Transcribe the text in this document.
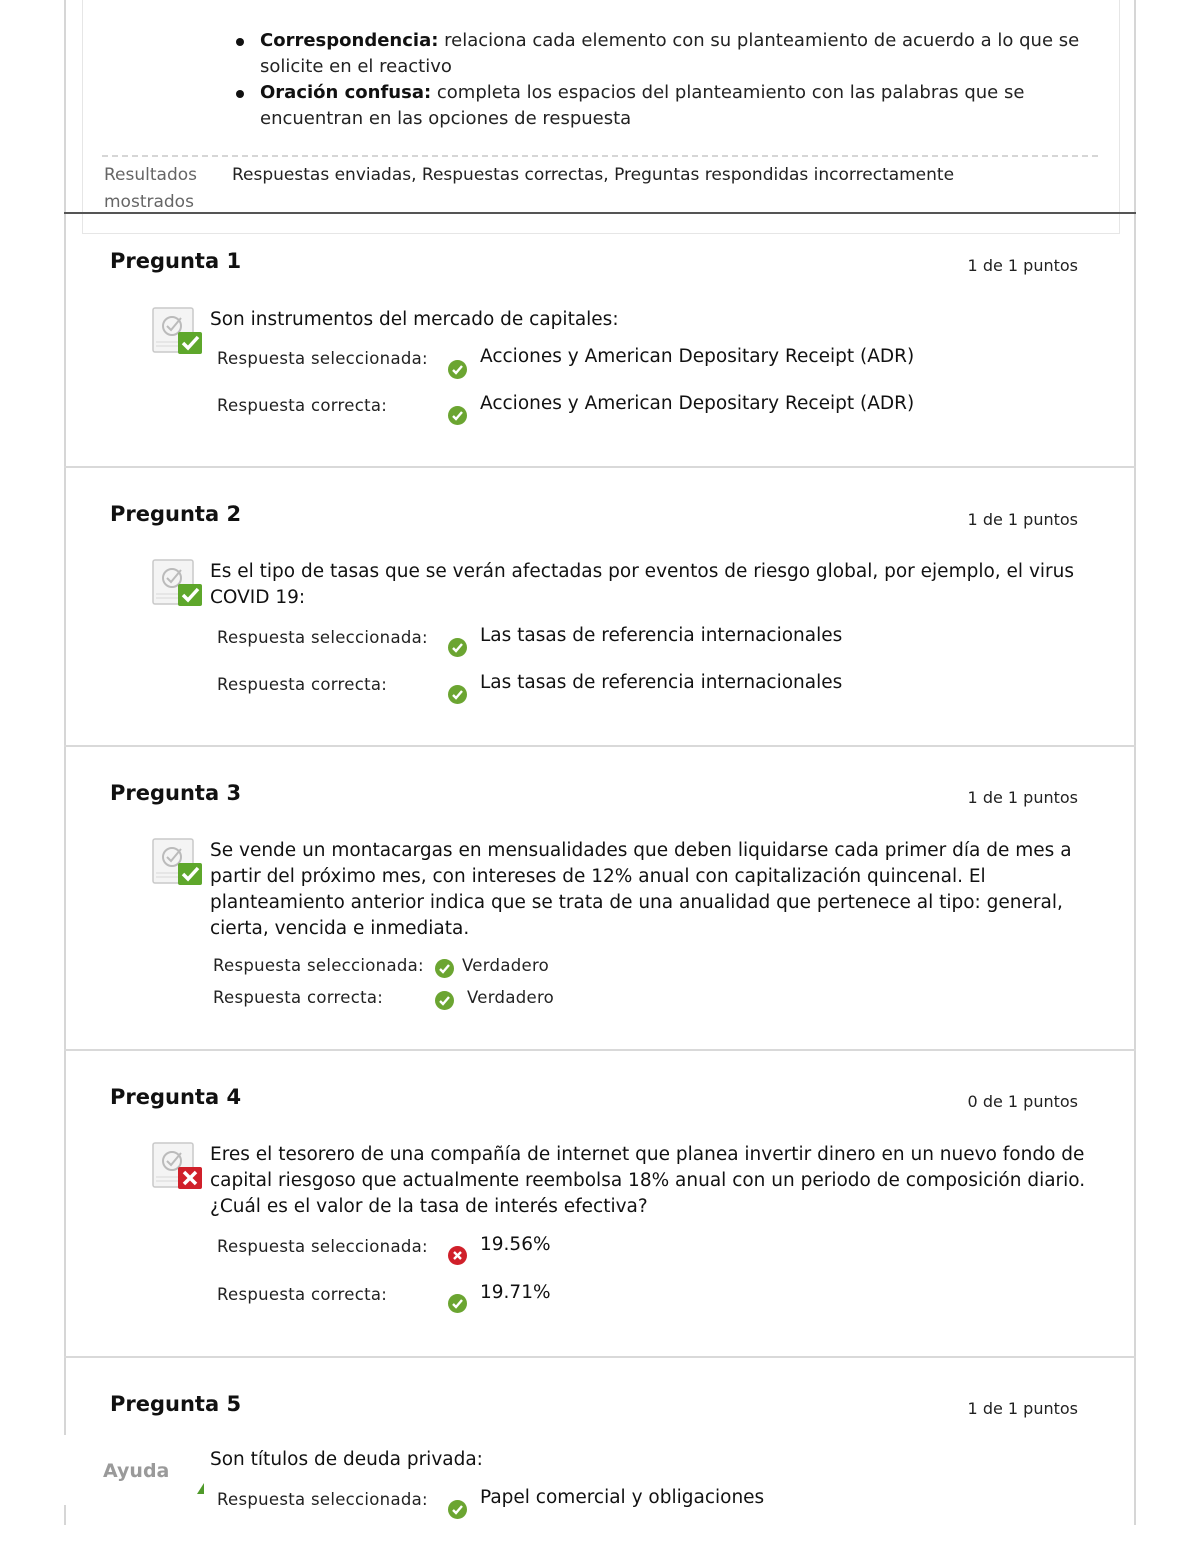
Correspondencia: relaciona cada elemento con su planteamiento de acuerdo a lo que se solicite en el reactivo
Oración confusa: completa los espacios del planteamiento con las palabras que se encuentran en las opciones de respuesta
Resultados mostrados
Respuestas enviadas, Respuestas correctas, Preguntas respondidas incorrectamente
Pregunta 1	1 de 1 puntos
Son instrumentos del mercado de capitales:
Respuesta seleccionada:	Acciones y American Depositary Receipt (ADR)
Respuesta correcta:	Acciones y American Depositary Receipt (ADR)
Pregunta 2	1 de 1 puntos
Es el tipo de tasas que se verán afectadas por eventos de riesgo global, por ejemplo, el virus COVID 19:
Respuesta seleccionada:	Las tasas de referencia internacionales
Respuesta correcta:	Las tasas de referencia internacionales
Pregunta 3	1 de 1 puntos
Se vende un montacargas en mensualidades que deben liquidarse cada primer día de mes a partir del próximo mes, con intereses de 12% anual con capitalización quincenal. El planteamiento anterior indica que se trata de una anualidad que pertenece al tipo: general, cierta, vencida e inmediata.
Respuesta seleccionada: Verdadero
Respuesta correcta:	Verdadero
Pregunta 4	0 de 1 puntos
Eres el tesorero de una compañía de internet que planea invertir dinero en un nuevo fondo de capital riesgoso que actualmente reembolsa 18% anual con un periodo de composición diario. ¿Cuál es el valor de la tasa de interés efectiva?
Respuesta seleccionada:	19.56%
Respuesta correcta:	19.71%
Pregunta 5	1 de 1 puntos
Son títulos de deuda privada:
Respuesta seleccionada:	Papel comercial y obligaciones
Ayuda
